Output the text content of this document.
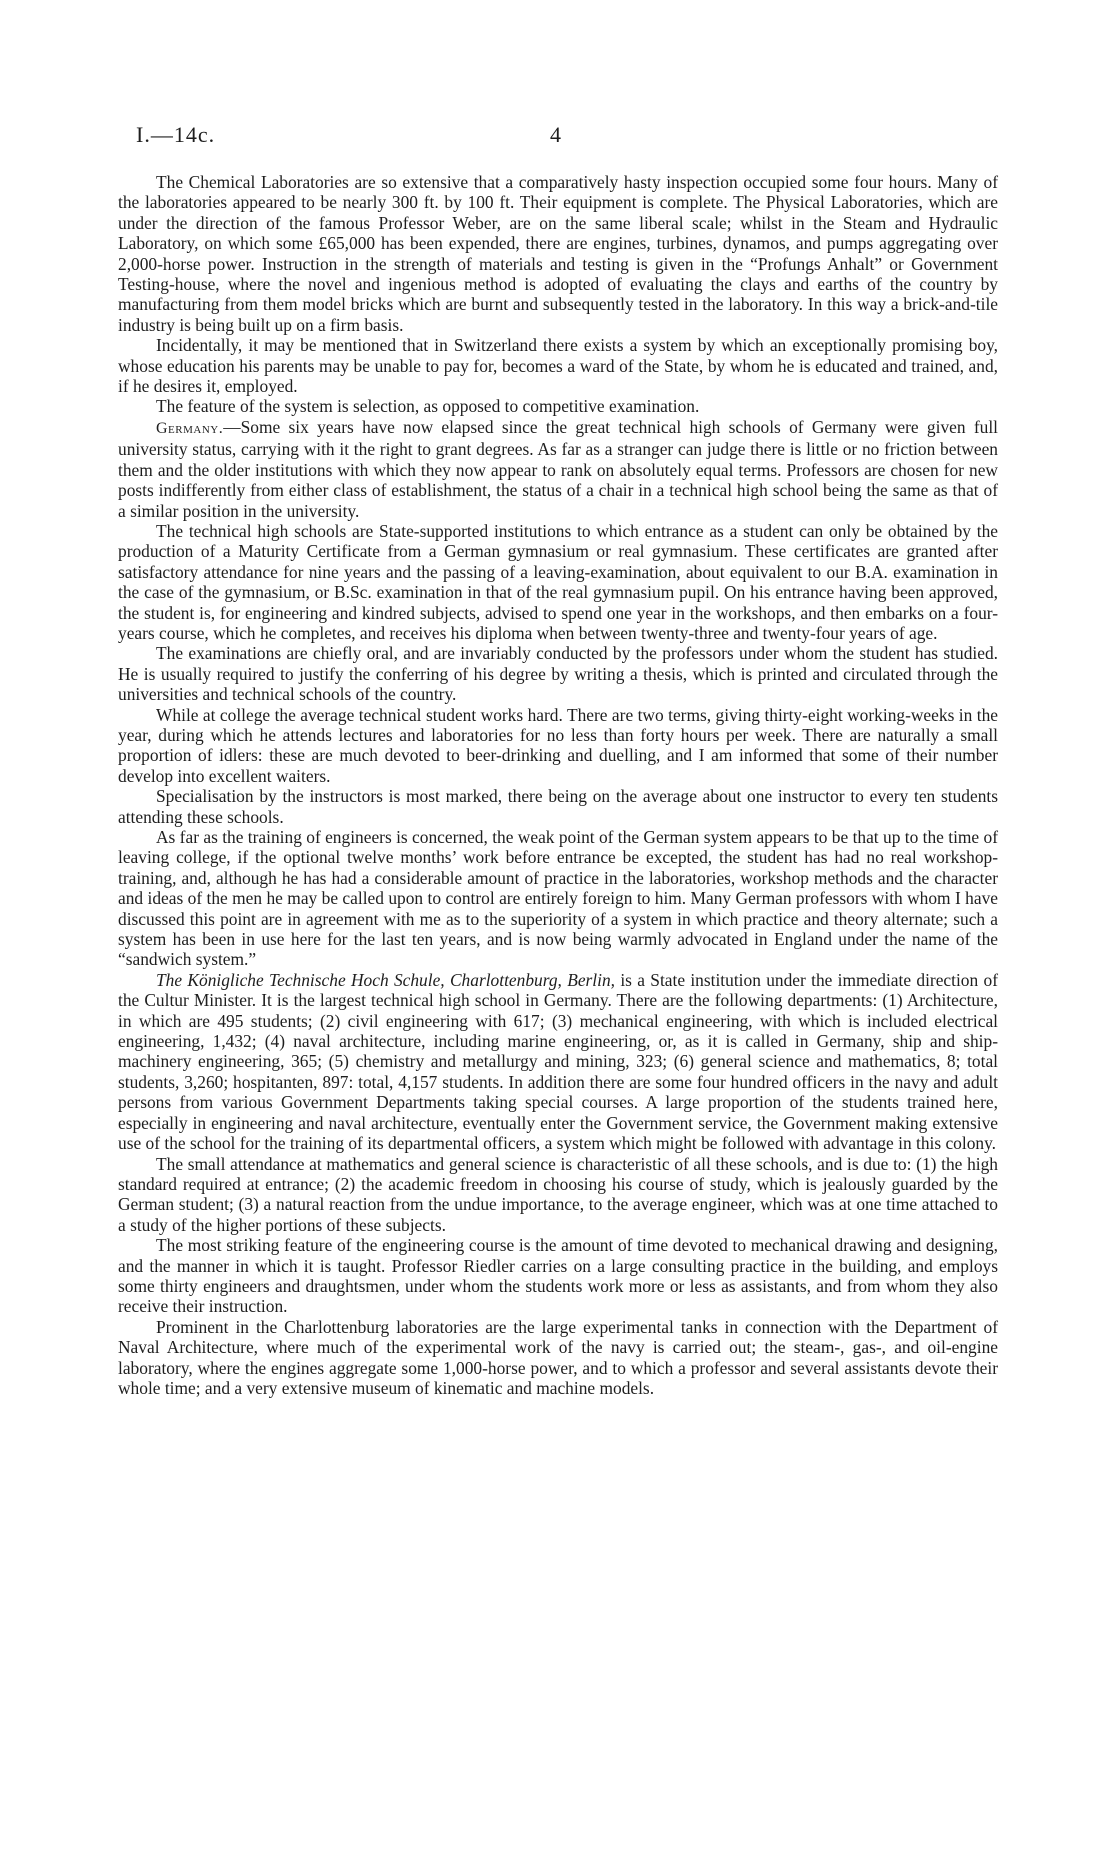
I.—14c.	4

The Chemical Laboratories are so extensive that a comparatively hasty inspection occupied some four hours. Many of the laboratories appeared to be nearly 300 ft. by 100 ft. Their equipment is complete. The Physical Laboratories, which are under the direction of the famous Professor Weber, are on the same liberal scale; whilst in the Steam and Hydraulic Laboratory, on which some £65,000 has been expended, there are engines, turbines, dynamos, and pumps aggregating over 2,000-horse power. Instruction in the strength of materials and testing is given in the “Profungs Anhalt” or Government Testing-house, where the novel and ingenious method is adopted of evaluating the clays and earths of the country by manufacturing from them model bricks which are burnt and subsequently tested in the laboratory. In this way a brick-and-tile industry is being built up on a firm basis.

Incidentally, it may be mentioned that in Switzerland there exists a system by which an exceptionally promising boy, whose education his parents may be unable to pay for, becomes a ward of the State, by whom he is educated and trained, and, if he desires it, employed.

The feature of the system is selection, as opposed to competitive examination.

Germany.—Some six years have now elapsed since the great technical high schools of Germany were given full university status, carrying with it the right to grant degrees. As far as a stranger can judge there is little or no friction between them and the older institutions with which they now appear to rank on absolutely equal terms. Professors are chosen for new posts indifferently from either class of establishment, the status of a chair in a technical high school being the same as that of a similar position in the university.

The technical high schools are State-supported institutions to which entrance as a student can only be obtained by the production of a Maturity Certificate from a German gymnasium or real gymnasium. These certificates are granted after satisfactory attendance for nine years and the passing of a leaving-examination, about equivalent to our B.A. examination in the case of the gymnasium, or B.Sc. examination in that of the real gymnasium pupil. On his entrance having been approved, the student is, for engineering and kindred subjects, advised to spend one year in the workshops, and then embarks on a four-years course, which he completes, and receives his diploma when between twenty-three and twenty-four years of age.

The examinations are chiefly oral, and are invariably conducted by the professors under whom the student has studied. He is usually required to justify the conferring of his degree by writing a thesis, which is printed and circulated through the universities and technical schools of the country.

While at college the average technical student works hard. There are two terms, giving thirty-eight working-weeks in the year, during which he attends lectures and laboratories for no less than forty hours per week. There are naturally a small proportion of idlers: these are much devoted to beer-drinking and duelling, and I am informed that some of their number develop into excellent waiters.

Specialisation by the instructors is most marked, there being on the average about one instructor to every ten students attending these schools.

As far as the training of engineers is concerned, the weak point of the German system appears to be that up to the time of leaving college, if the optional twelve months’ work before entrance be excepted, the student has had no real workshop-training, and, although he has had a considerable amount of practice in the laboratories, workshop methods and the character and ideas of the men he may be called upon to control are entirely foreign to him. Many German professors with whom I have discussed this point are in agreement with me as to the superiority of a system in which practice and theory alternate; such a system has been in use here for the last ten years, and is now being warmly advocated in England under the name of the “sandwich system.”

The Königliche Technische Hoch Schule, Charlottenburg, Berlin, is a State institution under the immediate direction of the Cultur Minister. It is the largest technical high school in Germany. There are the following departments: (1) Architecture, in which are 495 students; (2) civil engineering with 617; (3) mechanical engineering, with which is included electrical engineering, 1,432; (4) naval architecture, including marine engineering, or, as it is called in Germany, ship and ship-machinery engineering, 365; (5) chemistry and metallurgy and mining, 323; (6) general science and mathematics, 8; total students, 3,260; hospitanten, 897: total, 4,157 students. In addition there are some four hundred officers in the navy and adult persons from various Government Departments taking special courses. A large proportion of the students trained here, especially in engineering and naval architecture, eventually enter the Government service, the Government making extensive use of the school for the training of its departmental officers, a system which might be followed with advantage in this colony.

The small attendance at mathematics and general science is characteristic of all these schools, and is due to: (1) the high standard required at entrance; (2) the academic freedom in choosing his course of study, which is jealously guarded by the German student; (3) a natural reaction from the undue importance, to the average engineer, which was at one time attached to a study of the higher portions of these subjects.

The most striking feature of the engineering course is the amount of time devoted to mechanical drawing and designing, and the manner in which it is taught. Professor Riedler carries on a large consulting practice in the building, and employs some thirty engineers and draughtsmen, under whom the students work more or less as assistants, and from whom they also receive their instruction.

Prominent in the Charlottenburg laboratories are the large experimental tanks in connection with the Department of Naval Architecture, where much of the experimental work of the navy is carried out; the steam-, gas-, and oil-engine laboratory, where the engines aggregate some 1,000-horse power, and to which a professor and several assistants devote their whole time; and a very extensive museum of kinematic and machine models.
